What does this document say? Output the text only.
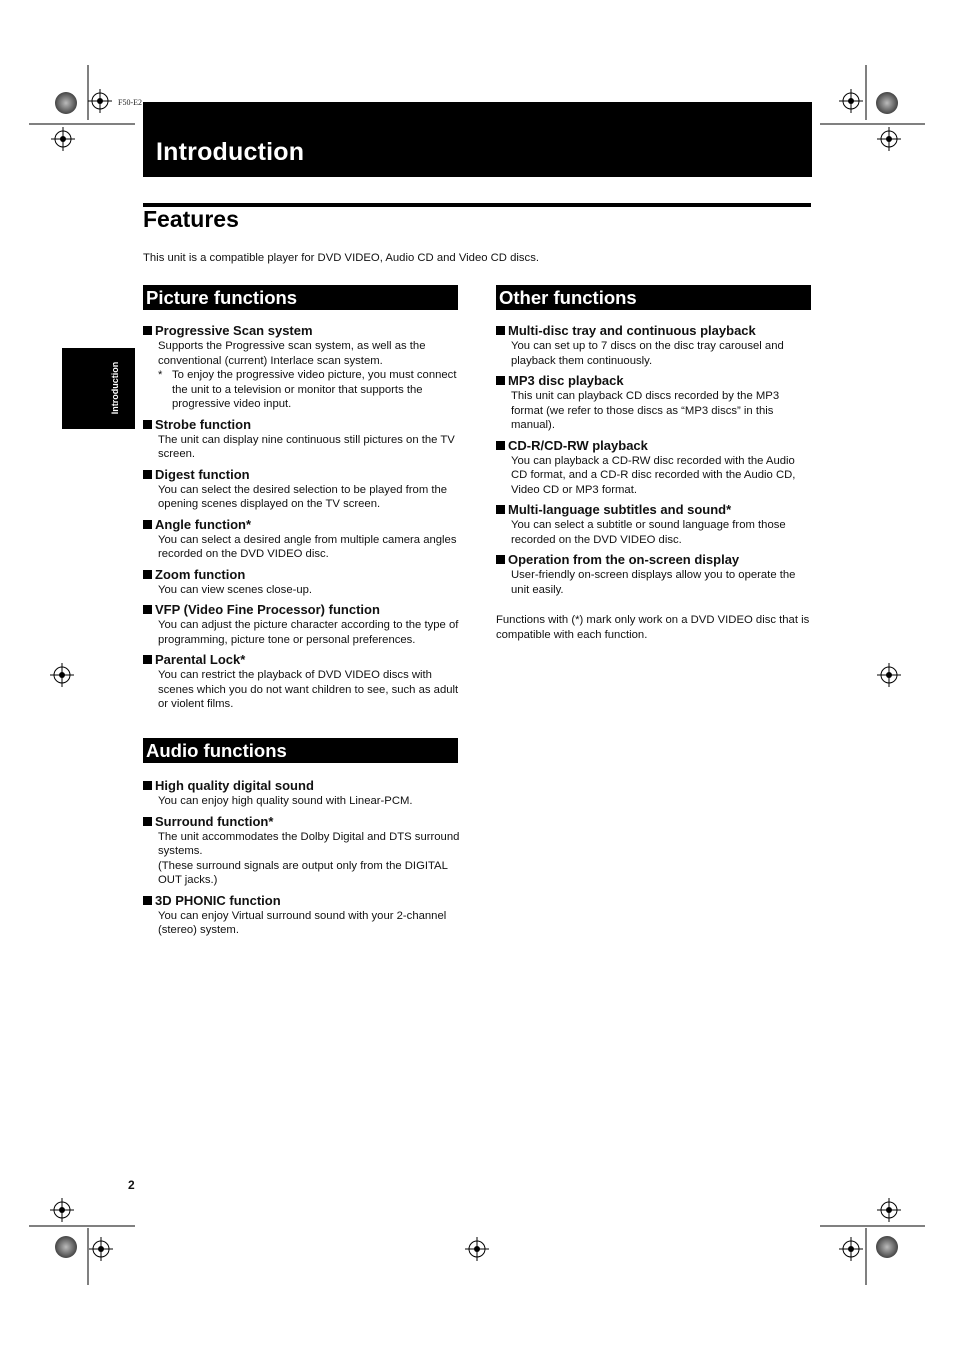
F50-E2
Introduction
Features
This unit is a compatible player for DVD VIDEO, Audio CD and Video CD discs.
Introduction
Picture functions
Progressive Scan system

Supports the Progressive scan system, as well as the conventional (current) Interlace scan system.

* To enjoy the progressive video picture, you must connect the unit to a television or monitor that supports the progressive video input.
Strobe function

The unit can display nine continuous still pictures on the TV screen.

Digest function

You can select the desired selection to be played from the opening scenes displayed on the TV screen.

Angle function*

You can select a desired angle from multiple camera angles recorded on the DVD VIDEO disc.

Zoom function

You can view scenes close-up.

VFP (Video Fine Processor) function

You can adjust the picture character according to the type of programming, picture tone or personal preferences.

Parental Lock*

You can restrict the playback of DVD VIDEO discs with scenes which you do not want children to see, such as adult or violent films.

Audio functions
High quality digital sound

You can enjoy high quality sound with Linear-PCM.

Surround function*

The unit accommodates the Dolby Digital and DTS surround systems.

(These surround signals are output only from the DIGITAL OUT jacks.)

3D PHONIC function

You can enjoy Virtual surround sound with your 2-channel (stereo) system.

Other functions
Multi-disc tray and continuous playback

You can set up to 7 discs on the disc tray carousel and playback them continuously.

MP3 disc playback

This unit can playback CD discs recorded by the MP3 format (we refer to those discs as “MP3 discs” in this manual).

CD-R/CD-RW playback

You can playback a CD-RW disc recorded with the Audio CD format, and a CD-R disc recorded with the Audio CD, Video CD or MP3 format.

Multi-language subtitles and sound*

You can select a subtitle or sound language from those recorded on the DVD VIDEO disc.

Operation from the on-screen display

User-friendly on-screen displays allow you to operate the unit easily.

Functions with (*) mark only work on a DVD VIDEO disc that is compatible with each function.
2
